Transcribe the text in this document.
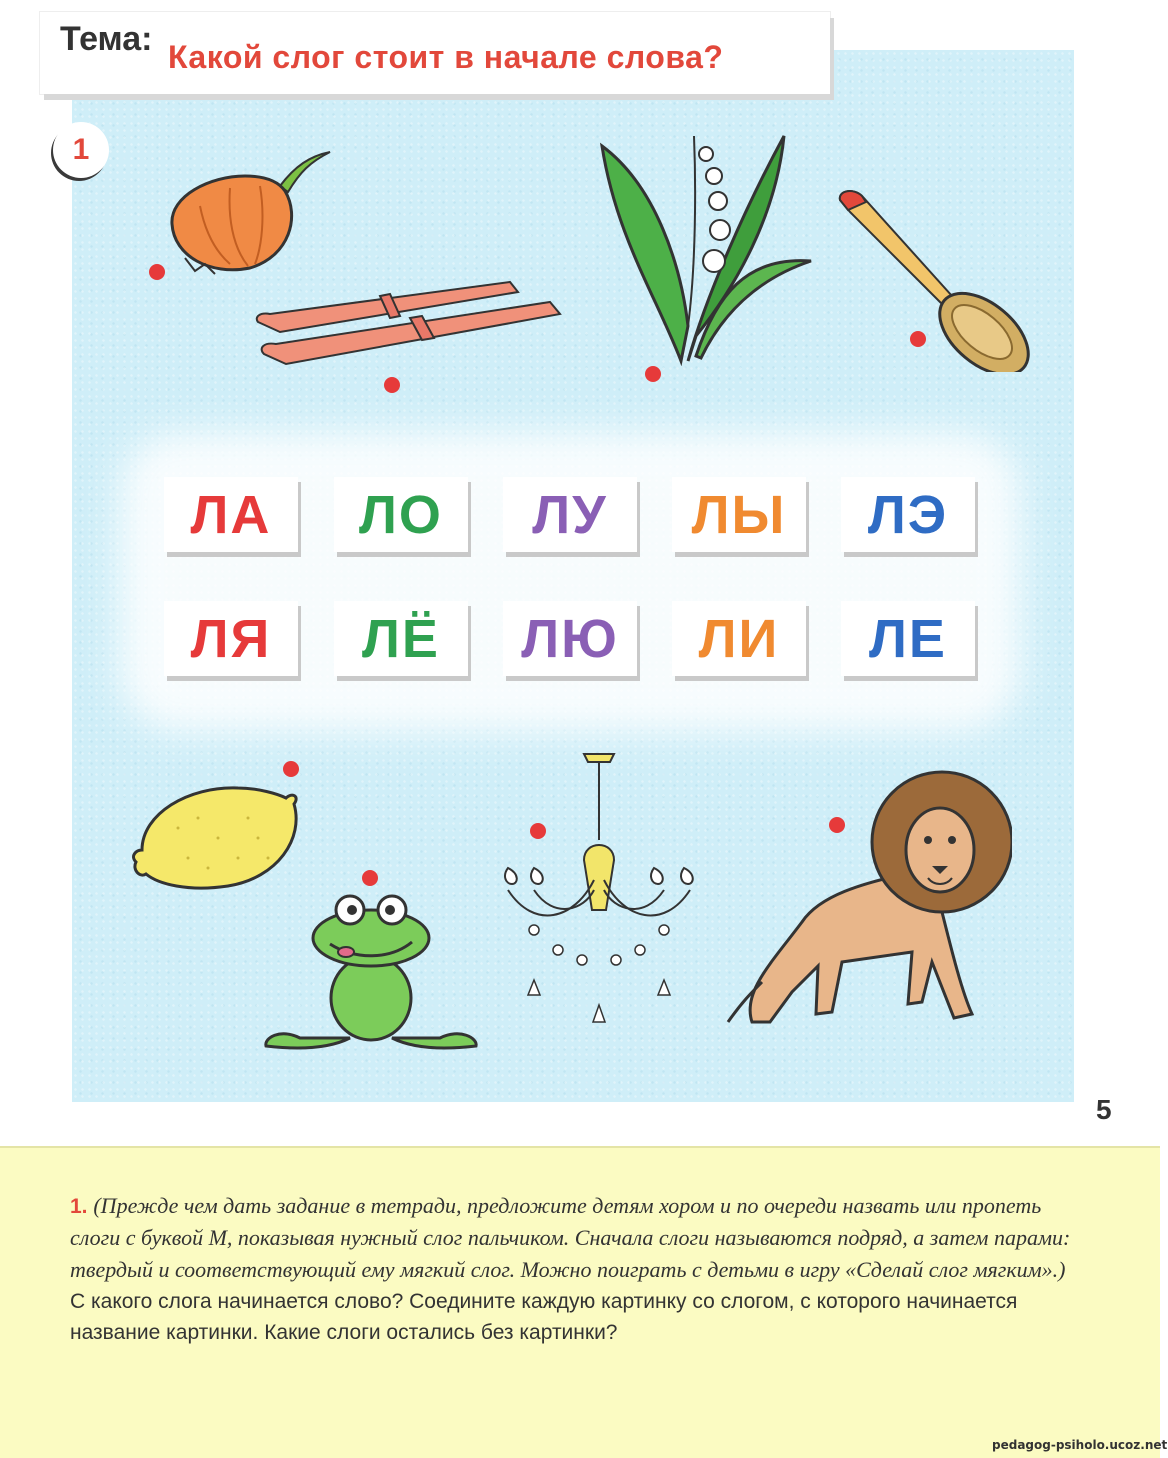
Тема: Какой слог стоит в начале слова?
1
ЛА	ЛО	ЛУ	ЛЫ	ЛЭ
ЛЯ	ЛЁ	ЛЮ	ЛИ	ЛЕ
5
1. (Прежде чем дать задание в тетради, предложите детям хором и по очереди назвать или пропеть слоги с буквой М, показывая нужный слог пальчиком. Сначала слоги называются подряд, а затем парами: твердый и соответствующий ему мягкий слог. Можно поиграть с детьми в игру «Сделай слог мягким».) С какого слога начинается слово? Соедините каждую картинку со слогом, с которого начинается название картинки. Какие слоги остались без картинки?
pedagog-psiholo.ucoz.net
